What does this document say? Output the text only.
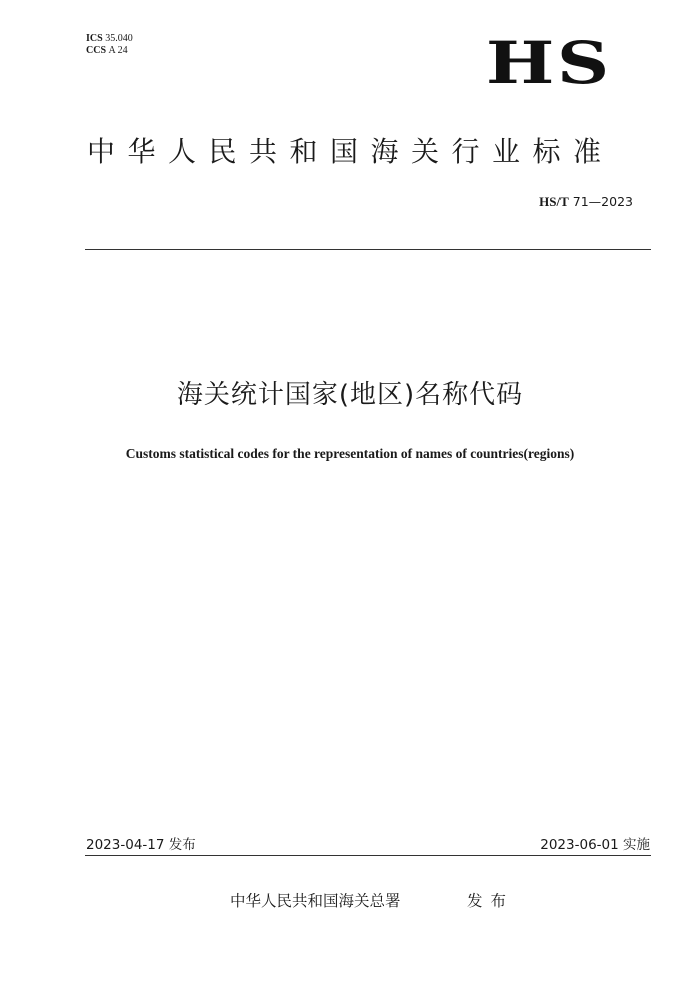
ICS 35.040
CCS A 24	HS
中华人民共和国海关行业标准
HS/T 71—2023
海关统计国家(地区)名称代码
Customs statistical codes for the representation of names of countries(regions)
2023-04-17 发布	2023-06-01 实施
中华人民共和国海关总署	发布
